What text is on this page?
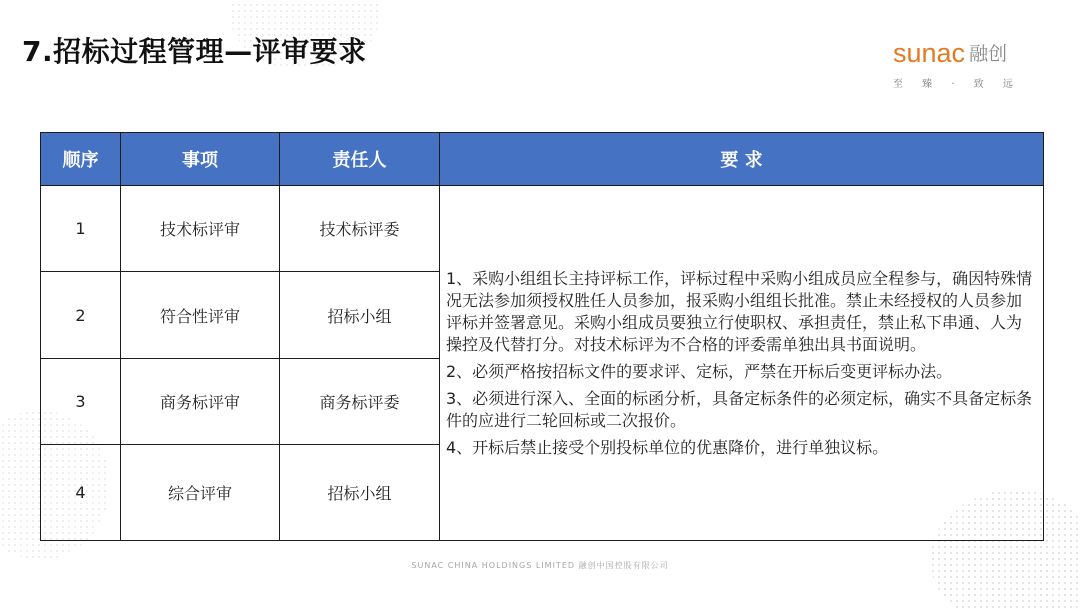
7.招标过程管理—评审要求	sunac 融创
至 臻 · 致 远
顺序	事项	责任人	要 求
1	技术标评审	技术标评委	1、采购小组组长主持评标工作，评标过程中采购小组成员应全程参与，确因特殊情况无法参加须授权胜任人员参加，报采购小组组长批准。禁止未经授权的人员参加评标并签署意见。采购小组成员要独立行使职权、承担责任，禁止私下串通、人为操控及代替打分。对技术标评为不合格的评委需单独出具书面说明。

2、必须严格按招标文件的要求评、定标，严禁在开标后变更评标办法。

3、必须进行深入、全面的标函分析，具备定标条件的必须定标，确实不具备定标条件的应进行二轮回标或二次报价。

4、开标后禁止接受个别投标单位的优惠降价，进行单独议标。

2	符合性评审	招标小组	
3	商务标评审	商务标评委	
4	综合评审	招标小组	
SUNAC CHINA HOLDINGS LIMITED 融创中国控股有限公司
